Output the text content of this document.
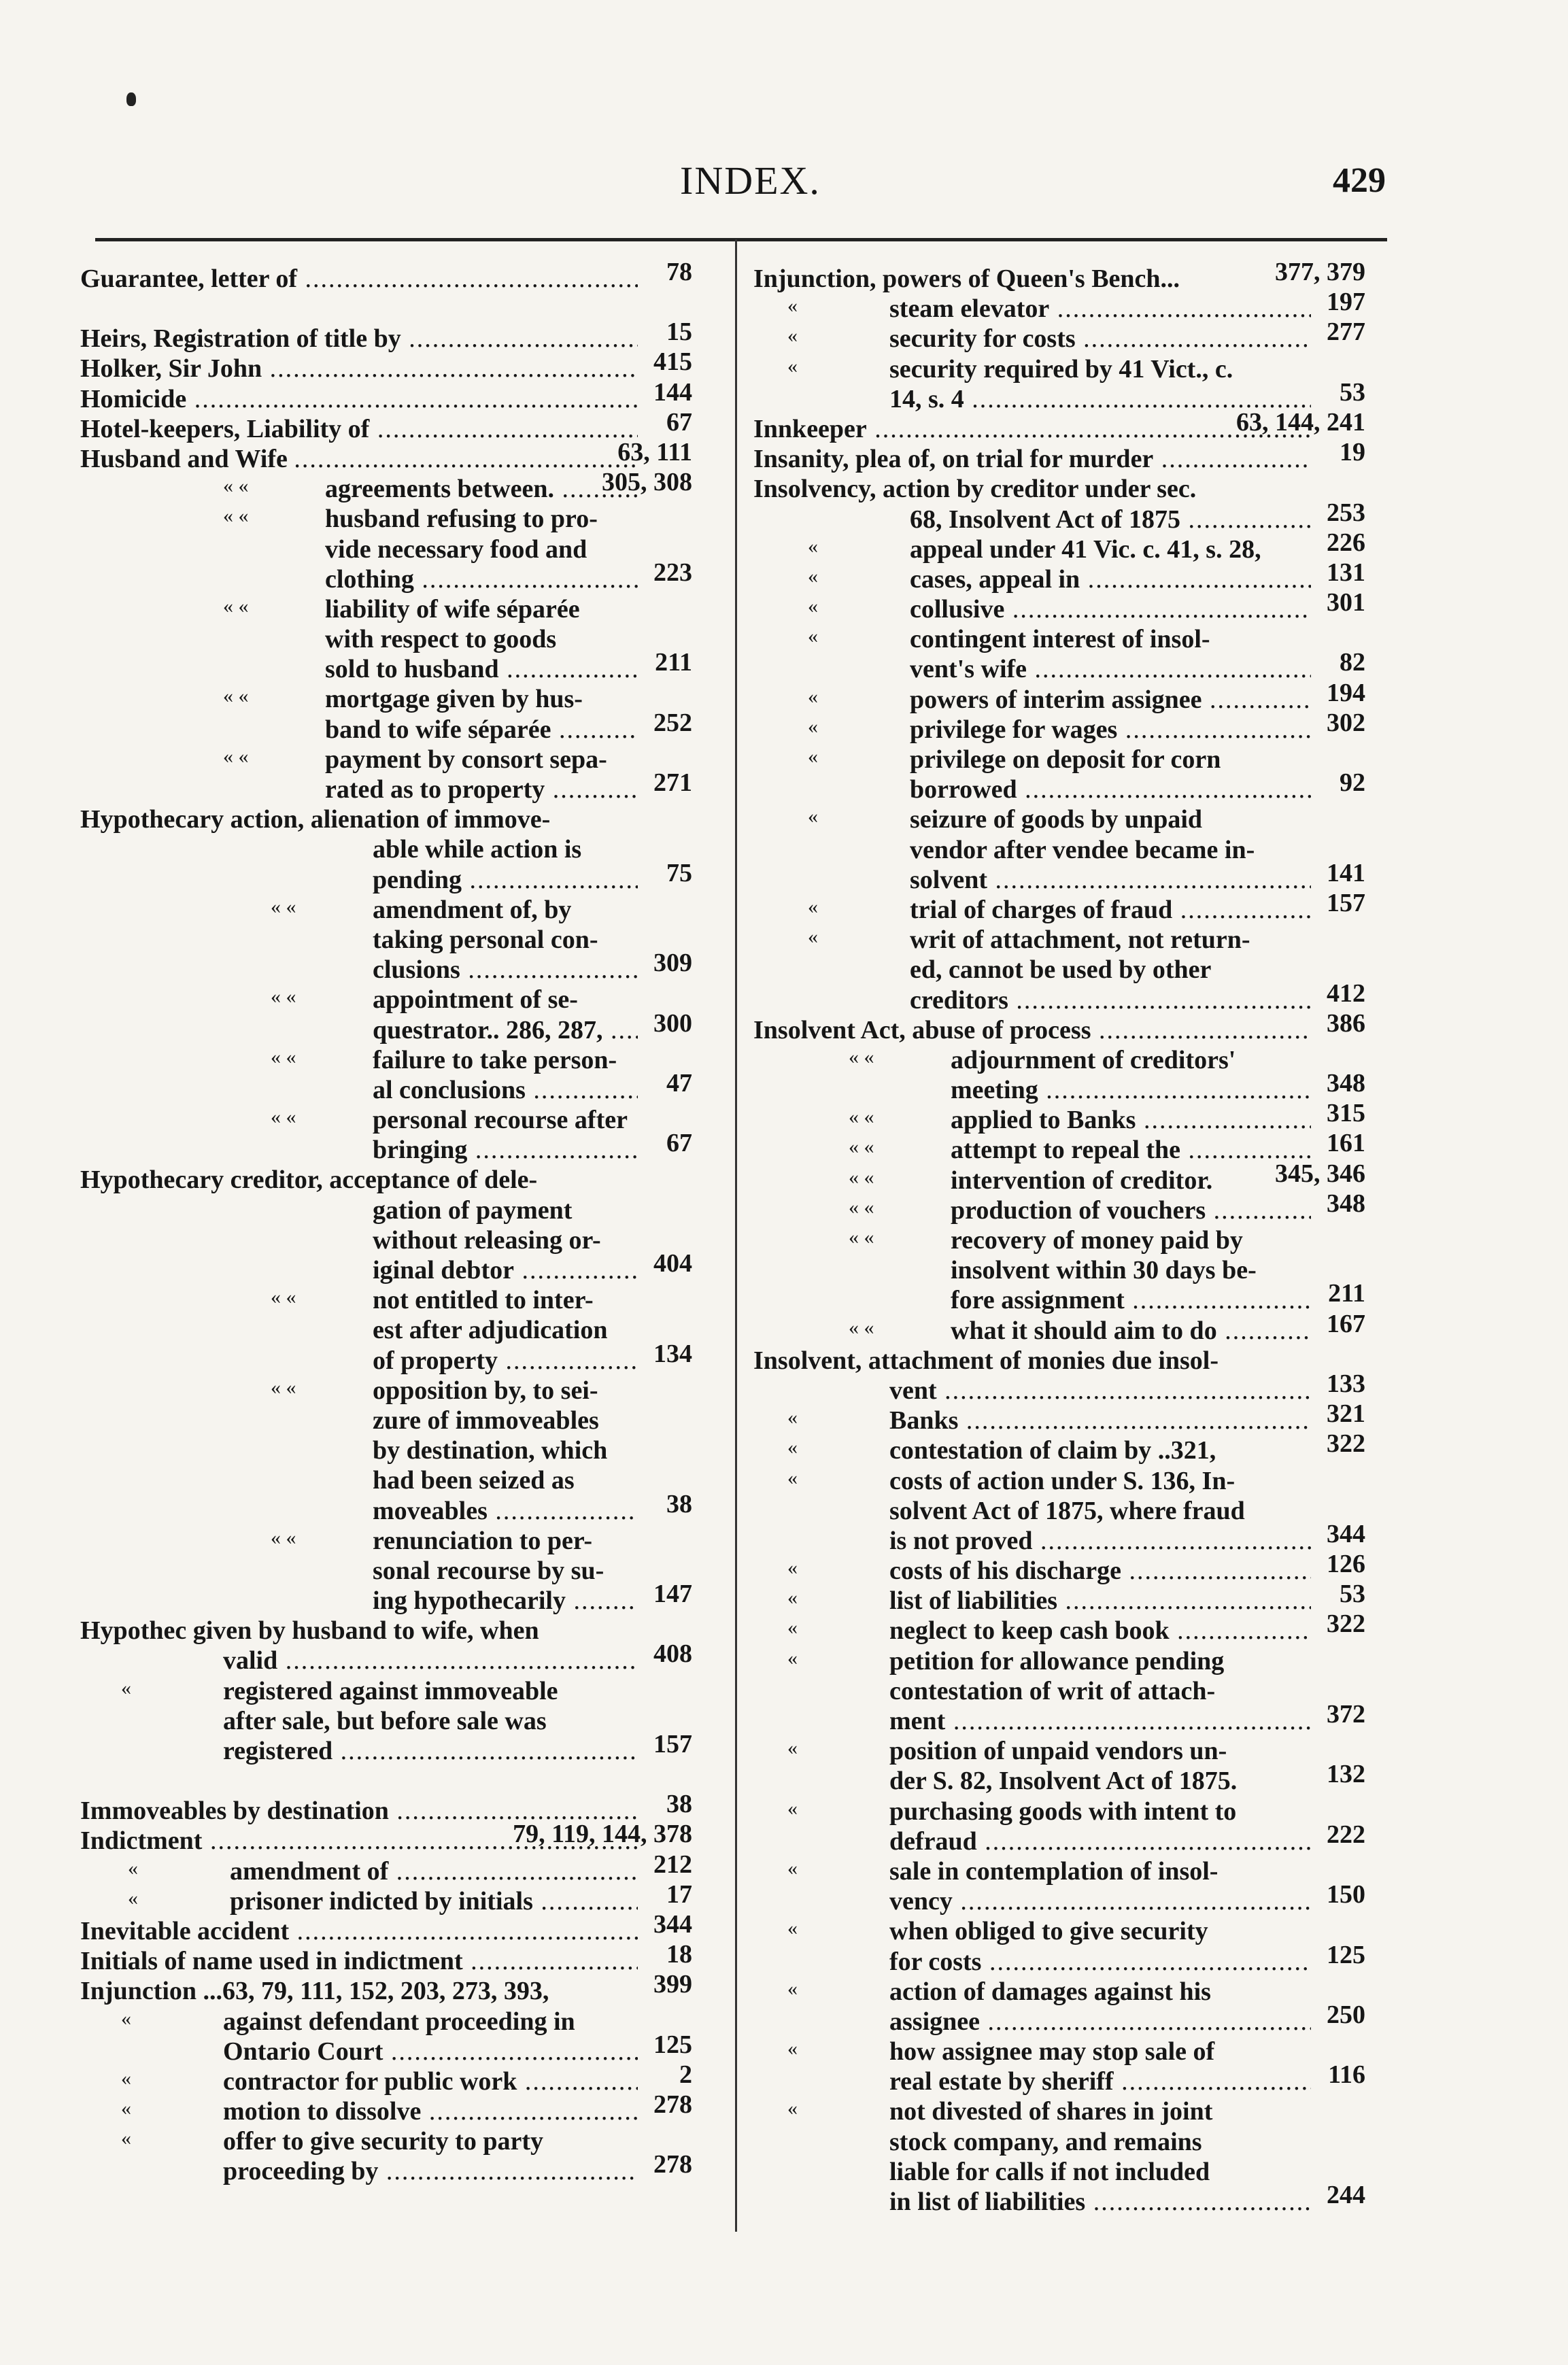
INDEX.	429
Guarantee, letter of .....	78
Heirs, Registration of title by .....	15
Holker, Sir John .....	415
Homicide .....	144
Hotel-keepers, Liability of .....	67
Husband and Wife .....	63, 111
« «	agreements between. .....	305, 308
« «	husband refusing to pro-
vide necessary food and
clothing .....	223
« «	liability of wife séparée
with respect to goods
sold to husband .....	211
« «	mortgage given by hus-
band to wife séparée .....	252
« «	payment by consort sepa-
rated as to property .....	271
Hypothecary action, alienation of immove-
able while action is
pending .....	75
« «	amendment of, by
taking personal con-
clusions .....	309
« «	appointment of se-
questrator.. 286, 287, .....	300
« «	failure to take person-
al conclusions .....	47
« «	personal recourse after
bringing .....	67
Hypothecary creditor, acceptance of dele-
gation of payment
without releasing or-
iginal debtor .....	404
« «	not entitled to inter-
est after adjudication
of property .....	134
« «	opposition by, to sei-
zure of immoveables
by destination, which
had been seized as
moveables .....	38
« «	renunciation to per-
sonal recourse by su-
ing hypothecarily .....	147
Hypothec given by husband to wife, when
valid .....	408
«	registered against immoveable
after sale, but before sale was
registered .....	157
Immoveables by destination .....	38
Indictment .....	79, 119, 144, 378
«	amendment of .....	212
«	prisoner indicted by initials .....	17
Inevitable accident .....	344
Initials of name used in indictment .....	18
Injunction ...63, 79, 111, 152, 203, 273, 393,	399
«	against defendant proceeding in
Ontario Court .....	125
«	contractor for public work .....	2
«	motion to dissolve .....	278
«	offer to give security to party
proceeding by .....	278
Injunction, powers of Queen's Bench...	377, 379
«	steam elevator .....	197
«	security for costs .....	277
«	security required by 41 Vict., c.
14, s. 4 .....	53
Innkeeper .....	63, 144, 241
Insanity, plea of, on trial for murder .....	19
Insolvency, action by creditor under sec.
68, Insolvent Act of 1875 .....	253
«	appeal under 41 Vic. c. 41, s. 28,	226
«	cases, appeal in .....	131
«	collusive .....	301
«	contingent interest of insol-
vent's wife .....	82
«	powers of interim assignee .....	194
«	privilege for wages .....	302
«	privilege on deposit for corn
borrowed .....	92
«	seizure of goods by unpaid
vendor after vendee became in-
solvent .....	141
«	trial of charges of fraud .....	157
«	writ of attachment, not return-
ed, cannot be used by other
creditors .....	412
Insolvent Act, abuse of process .....	386
« «	adjournment of creditors'
meeting .....	348
« «	applied to Banks .....	315
« «	attempt to repeal the .....	161
« «	intervention of creditor.	345, 346
« «	production of vouchers .....	348
« «	recovery of money paid by
insolvent within 30 days be-
fore assignment .....	211
« «	what it should aim to do .....	167
Insolvent, attachment of monies due insol-
vent .....	133
«	Banks .....	321
«	contestation of claim by ..321,	322
«	costs of action under S. 136, In-
solvent Act of 1875, where fraud
is not proved .....	344
«	costs of his discharge .....	126
«	list of liabilities .....	53
«	neglect to keep cash book .....	322
«	petition for allowance pending
contestation of writ of attach-
ment .....	372
«	position of unpaid vendors un-
der S. 82, Insolvent Act of 1875.	132
«	purchasing goods with intent to
defraud .....	222
«	sale in contemplation of insol-
vency .....	150
«	when obliged to give security
for costs .....	125
«	action of damages against his
assignee .....	250
«	how assignee may stop sale of
real estate by sheriff .....	116
«	not divested of shares in joint
stock company, and remains
liable for calls if not included
in list of liabilities .....	244
